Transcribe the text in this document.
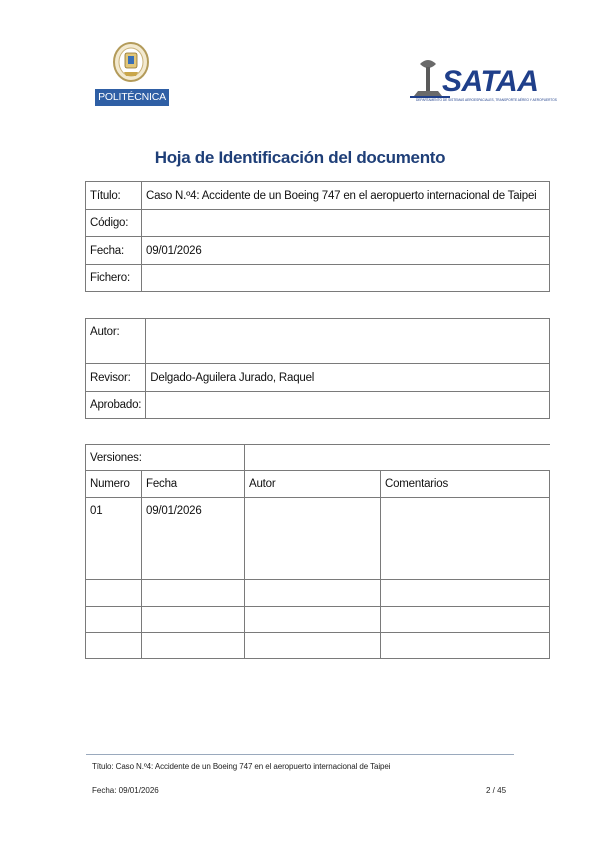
POLITÉCNICA	SATAA
DEPARTAMENTO DE SISTEMAS AEROESPACIALES, TRANSPORTE AÉREO Y AEROPUERTOS
Hoja de Identificación del documento
Título:	Caso N.º4: Accidente de un Boeing 747 en el aeropuerto internacional de Taipei
Código:	
Fecha:	09/01/2026
Fichero:	
Autor:	
Revisor:	Delgado-Aguilera Jurado, Raquel
Aprobado:	
Versiones:			
Numero	Fecha	Autor	Comentarios
01	09/01/2026		

Título: Caso N.º4: Accidente de un Boeing 747 en el aeropuerto internacional de Taipei
Fecha: 09/01/2026	2 / 45
